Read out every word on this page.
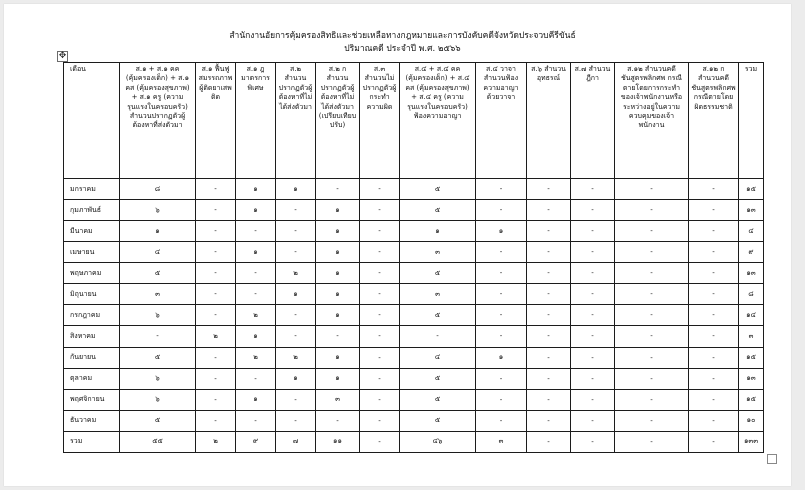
✥
สำนักงานอัยการคุ้มครองสิทธิและช่วยเหลือทางกฎหมายและการบังคับคดีจังหวัดประจวบคีรีขันธ์
ปริมาณคดี ประจำปี พ.ศ. ๒๕๖๖
เดือน	ส.๑ + ส.๑ คค (คุ้มครองเด็ก) + ส.๑ คส (คุ้มครองสุขภาพ) + ส.๑ ครู (ความรุนแรงในครอบครัว) สำนวนปรากฏตัวผู้ต้องหาที่ส่งตัวมา	ส.๑ ฟื้นฟูสมรรถภาพผู้ติดยาเสพติด	ส.๑ ฎ มาตรการพิเศษ	ส.๒ สำนวนปรากฏตัวผู้ต้องหาที่ไม่ได้ส่งตัวมา	ส.๒ ก สำนวนปรากฏตัวผู้ต้องหาที่ไม่ได้ส่งตัวมา (เปรียบเทียบปรับ)	ส.๓ สำนวนไม่ปรากฏตัวผู้กระทำความผิด	ส.๔ + ส.๔ คค (คุ้มครองเด็ก) + ส.๔ คส (คุ้มครองสุขภาพ) + ส.๔ ครู (ความรุนแรงในครอบครัว) ฟ้องความอาญา	ส.๔ วาจา สำนวนฟ้องความอาญาด้วยวาจา	ส.๖ สำนวนอุทธรณ์	ส.๗ สำนวนฎีกา	ส.๑๒ สำนวนคดีชันสูตรพลิกศพ กรณีตายโดยการกระทำของเจ้าพนักงานหรือระหว่างอยู่ในความควบคุมของเจ้าพนักงาน	ส.๑๒ ก สำนวนคดีชันสูตรพลิกศพ กรณีตายโดยผิดธรรมชาติ	รวม
มกราคม	๘	-	๑	๑	-	-	๕	-	-	-	-	-	๑๕
กุมภาพันธ์	๖	-	๑	-	๑	-	๕	-	-	-	-	-	๑๓
มีนาคม	๑	-	-	-	๑	-	๑	๑	-	-	-	-	๔
เมษายน	๔	-	๑	-	๑	-	๓	-	-	-	-	-	๙
พฤษภาคม	๕	-	-	๒	๑	-	๕	-	-	-	-	-	๑๓
มิถุนายน	๓	-	-	๑	๑	-	๓	-	-	-	-	-	๘
กรกฎาคม	๖	-	๒	-	๑	-	๕	-	-	-	-	-	๑๔
สิงหาคม	-	๒	๑	-	-	-	-	-	-	-	-	-	๓
กันยายน	๕	-	๒	๒	๑	-	๔	๑	-	-	-	-	๑๕
ตุลาคม	๖	-	-	๑	๑	-	๕	-	-	-	-	-	๑๓
พฤศจิกายน	๖	-	๑	-	๓	-	๕	-	-	-	-	-	๑๕
ธันวาคม	๕	-	-	-	-	-	๕	-	-	-	-	-	๑๐
รวม	๕๕	๒	๙	๗	๑๑	-	๔๖	๓	-	-	-	-	๑๓๓
